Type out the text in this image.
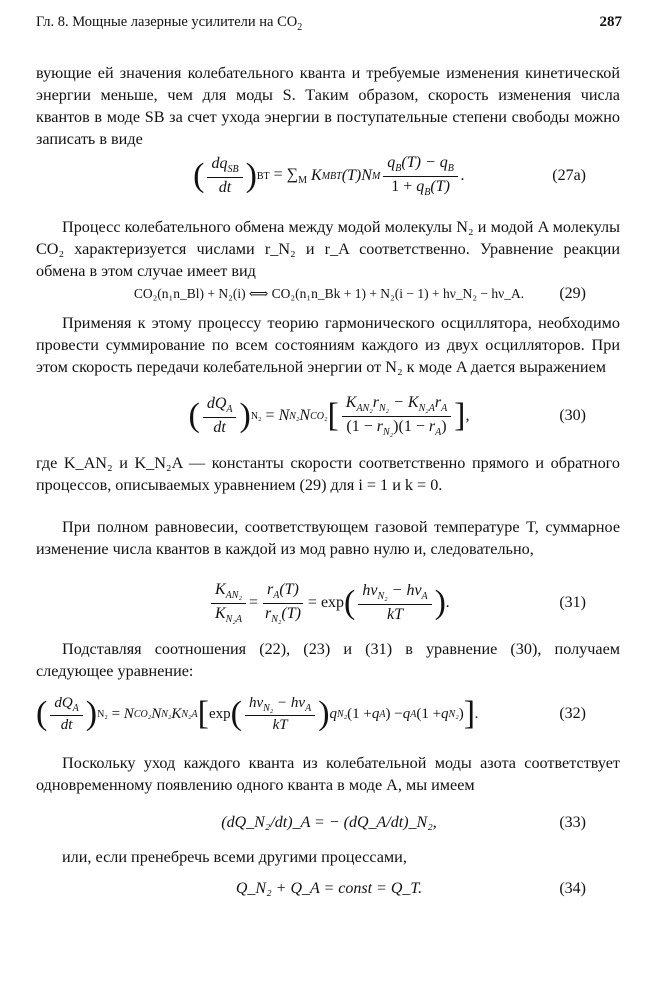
Гл. 8. Мощные лазерные усилители на $CO_2$	287

вующие ей значения колебательного кванта и требуемые изменения кинетической энергии меньше, чем для моды S. Таким образом, скорость изменения числа квантов в моде SB за счет ухода энергии в поступательные степени свободы можно записать в виде

( $\frac{dq_{SB}}{dt}$ ) BT = $\sum_M$ K M BT (T)N M $\frac{q_B(T) - q_B}{1 + q_B(T)}$ .	(27a)

Процесс колебательного обмена между модой молекулы N₂ и модой A молекулы CO₂ характеризуется числами r_N₂ и r_A соответственно. Уравнение реакции обмена в этом случае имеет вид

CO₂(n₁n_Bl) + N₂(i) ⟺ CO₂(n₁n_Bk + 1) + N₂(i − 1) + hν_N₂ − hν_A. (29)

Применяя к этому процессу теорию гармонического осциллятора, необходимо провести суммирование по всем состояниям каждого из двух осцилляторов. При этом скорость передачи колебательной энергии от N₂ к моде A дается выражением

( $\frac{dQ_A}{dt}$ ) N₂ = N N₂ N CO₂ [ $\frac{K_{AN_2}r_{N_2} - K_{N_2A}r_A}{(1 - r_{N_2})(1 - r_A)}$ ] ,	(30)

где K_AN₂ и K_N₂A — константы скорости соответственно прямого и обратного процессов, описываемых уравнением (29) для i = 1 и k = 0.

При полном равновесии, соответствующем газовой температуре T, суммарное изменение числа квантов в каждой из мод равно нулю и, следовательно,

$\frac{K_{AN_2}}{K_{N_2A}} = \frac{r_A(T)}{r_{N_2}(T)} = \exp$ ( $\frac{h\nu_{N_2} - h\nu_A}{kT}$ ) .	(31)

Подставляя соотношения (22), (23) и (31) в уравнение (30), получаем следующее уравнение:

( $\frac{dQ_A}{dt}$ ) N₂ = N CO₂ N N₂ K N₂A [ exp ( $\frac{h\nu_{N_2} - h\nu_A}{kT}$ ) q N₂ (1 + q A ) − q A (1 + q N₂ ) ] .	(32)

Поскольку уход каждого кванта из колебательной моды азота соответствует одновременному появлению одного кванта в моде A, мы имеем

(dQ_N₂/dt)_A = − (dQ_A/dt)_N₂,	(33)

или, если пренебречь всеми другими процессами,

Q_N₂ + Q_A = const = Q_T.	(34)
